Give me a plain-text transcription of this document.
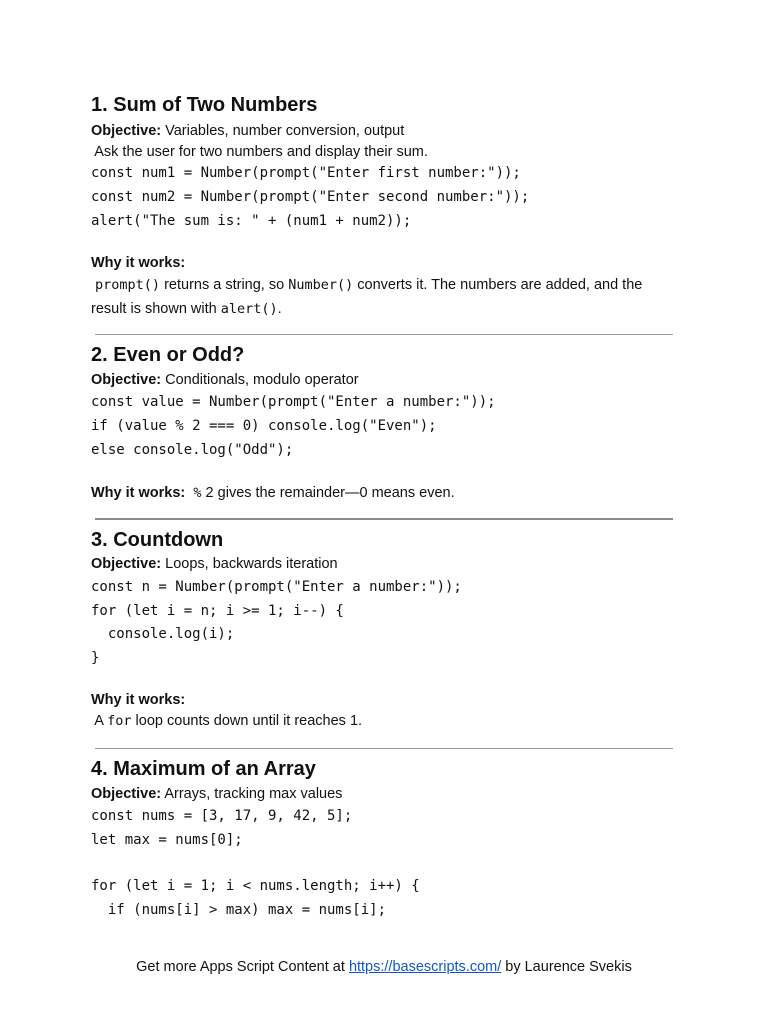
1. Sum of Two Numbers
Objective: Variables, number conversion, output
Ask the user for two numbers and display their sum.
const num1 = Number(prompt("Enter first number:"));
const num2 = Number(prompt("Enter second number:"));
alert("The sum is: " + (num1 + num2));
Why it works:
prompt() returns a string, so Number() converts it. The numbers are added, and the
result is shown with alert().
2. Even or Odd?
Objective: Conditionals, modulo operator
const value = Number(prompt("Enter a number:"));
if (value % 2 === 0) console.log("Even");
else console.log("Odd");
Why it works: % 2 gives the remainder—0 means even.
3. Countdown
Objective: Loops, backwards iteration
const n = Number(prompt("Enter a number:"));
for (let i = n; i >= 1; i--) {
console.log(i);
}
Why it works:
A for loop counts down until it reaches 1.
4. Maximum of an Array
Objective: Arrays, tracking max values
const nums = [3, 17, 9, 42, 5];
let max = nums[0];
for (let i = 1; i < nums.length; i++) {
if (nums[i] > max) max = nums[i];
Get more Apps Script Content at https://basescripts.com/ by Laurence Svekis
